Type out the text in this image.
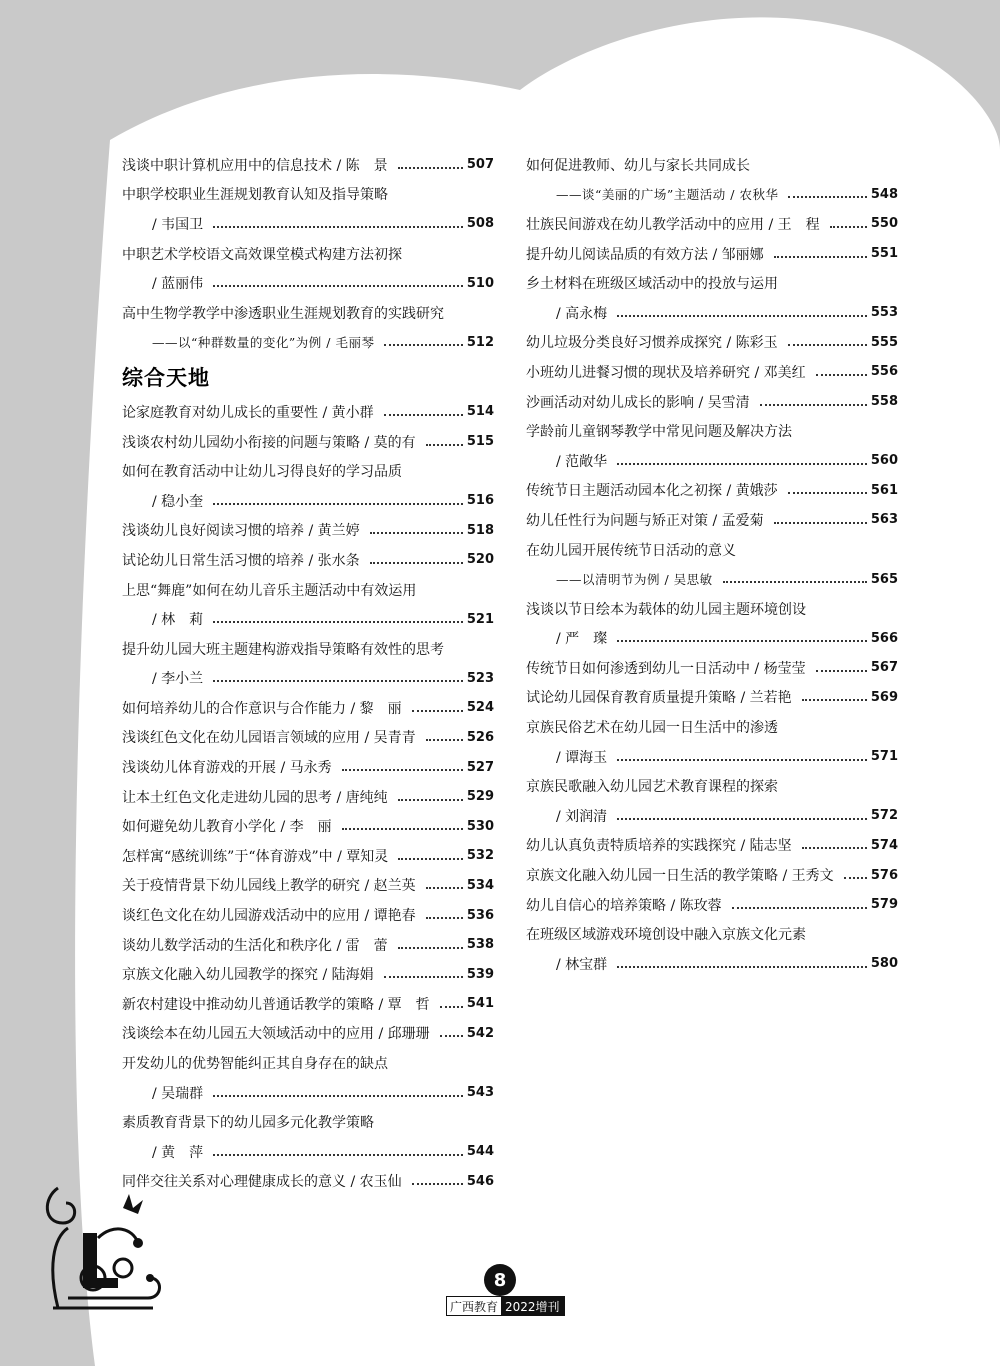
浅谈中职计算机应用中的信息技术 / 陈　景	507
中职学校职业生涯规划教育认知及指导策略
/ 韦国卫	508
中职艺术学校语文高效课堂模式构建方法初探
/ 蓝丽伟	510
高中生物学教学中渗透职业生涯规划教育的实践研究
——以“种群数量的变化”为例 / 毛丽琴	512
综合天地
论家庭教育对幼儿成长的重要性 / 黄小群	514
浅谈农村幼儿园幼小衔接的问题与策略 / 莫的有	515
如何在教育活动中让幼儿习得良好的学习品质
/ 稳小奎	516
浅谈幼儿良好阅读习惯的培养 / 黄兰婷	518
试论幼儿日常生活习惯的培养 / 张水条	520
上思“舞鹿”如何在幼儿音乐主题活动中有效运用
/ 林　莉	521
提升幼儿园大班主题建构游戏指导策略有效性的思考
/ 李小兰	523
如何培养幼儿的合作意识与合作能力 / 黎　丽	524
浅谈红色文化在幼儿园语言领域的应用 / 吴青青	526
浅谈幼儿体育游戏的开展 / 马永秀	527
让本土红色文化走进幼儿园的思考 / 唐纯纯	529
如何避免幼儿教育小学化 / 李　丽	530
怎样寓“感统训练”于“体育游戏”中 / 覃知灵	532
关于疫情背景下幼儿园线上教学的研究 / 赵兰英	534
谈红色文化在幼儿园游戏活动中的应用 / 谭艳春	536
谈幼儿数学活动的生活化和秩序化 / 雷　蕾	538
京族文化融入幼儿园教学的探究 / 陆海娟	539
新农村建设中推动幼儿普通话教学的策略 / 覃　哲	541
浅谈绘本在幼儿园五大领域活动中的应用 / 邱珊珊	542
开发幼儿的优势智能纠正其自身存在的缺点
/ 吴瑞群	543
素质教育背景下的幼儿园多元化教学策略
/ 黄　萍	544
同伴交往关系对心理健康成长的意义 / 农玉仙	546
如何促进教师、幼儿与家长共同成长
——谈“美丽的广场”主题活动 / 农秋华	548
壮族民间游戏在幼儿教学活动中的应用 / 王　程	550
提升幼儿阅读品质的有效方法 / 邹丽娜	551
乡土材料在班级区域活动中的投放与运用
/ 高永梅	553
幼儿垃圾分类良好习惯养成探究 / 陈彩玉	555
小班幼儿进餐习惯的现状及培养研究 / 邓美红	556
沙画活动对幼儿成长的影响 / 吴雪清	558
学龄前儿童钢琴教学中常见问题及解决方法
/ 范敞华	560
传统节日主题活动园本化之初探 / 黄娥莎	561
幼儿任性行为问题与矫正对策 / 孟爱菊	563
在幼儿园开展传统节日活动的意义
——以清明节为例 / 吴思敏	565
浅谈以节日绘本为载体的幼儿园主题环境创设
/ 严　璨	566
传统节日如何渗透到幼儿一日活动中 / 杨莹莹	567
试论幼儿园保育教育质量提升策略 / 兰若艳	569
京族民俗艺术在幼儿园一日生活中的渗透
/ 谭海玉	571
京族民歌融入幼儿园艺术教育课程的探索
/ 刘润清	572
幼儿认真负责特质培养的实践探究 / 陆志坚	574
京族文化融入幼儿园一日生活的教学策略 / 王秀文	576
幼儿自信心的培养策略 / 陈玫蓉	579
在班级区域游戏环境创设中融入京族文化元素
/ 林宝群	580
8
广西教育 2022增刊
